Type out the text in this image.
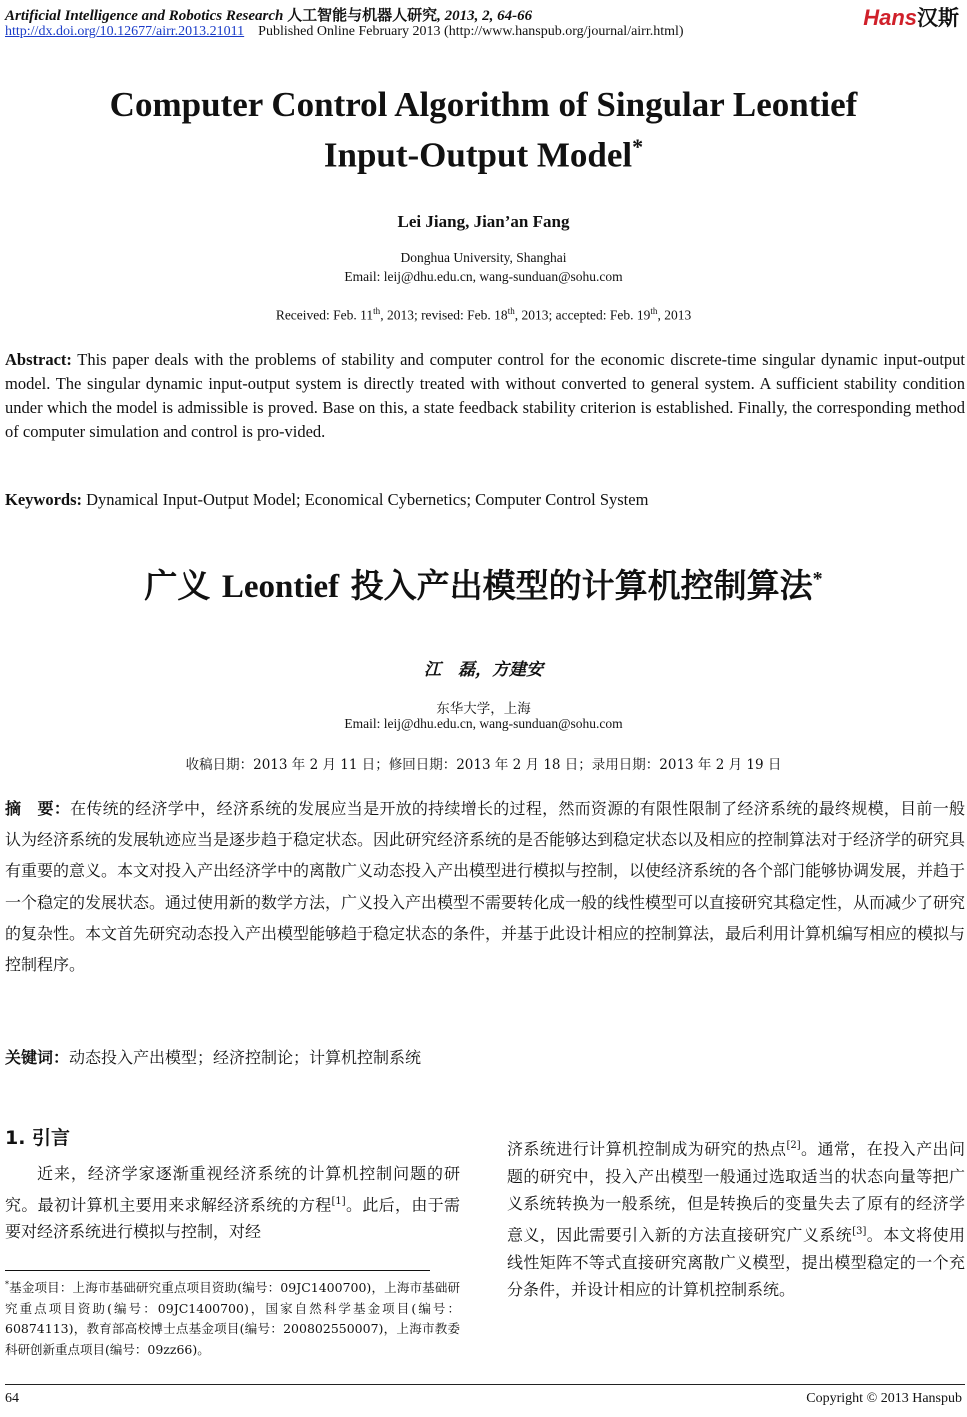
Artificial Intelligence and Robotics Research 人工智能与机器人研究, 2013, 2, 64-66
http://dx.doi.org/10.12677/airr.2013.21011 Published Online February 2013 (http://www.hanspub.org/journal/airr.html)
Hans汉斯
Computer Control Algorithm of Singular Leontief
Input-Output Model*
Lei Jiang, Jian’an Fang
Donghua University, Shanghai
Email: leij@dhu.edu.cn, wang-sunduan@sohu.com
Received: Feb. 11th, 2013; revised: Feb. 18th, 2013; accepted: Feb. 19th, 2013
Abstract: This paper deals with the problems of stability and computer control for the economic discrete-time singular dynamic input-output model. The singular dynamic input-output system is directly treated with without converted to general system. A sufficient stability condition under which the model is admissible is proved. Base on this, a state feedback stability criterion is established. Finally, the corresponding method of computer simulation and control is pro-vided.
Keywords: Dynamical Input-Output Model; Economical Cybernetics; Computer Control System
广义 Leontief 投入产出模型的计算机控制算法*
江　磊，方建安
东华大学，上海
Email: leij@dhu.edu.cn, wang-sunduan@sohu.com
收稿日期：2013 年 2 月 11 日；修回日期：2013 年 2 月 18 日；录用日期：2013 年 2 月 19 日
摘　要：在传统的经济学中，经济系统的发展应当是开放的持续增长的过程，然而资源的有限性限制了经济系统的最终规模，目前一般认为经济系统的发展轨迹应当是逐步趋于稳定状态。因此研究经济系统的是否能够达到稳定状态以及相应的控制算法对于经济学的研究具有重要的意义。本文对投入产出经济学中的离散广义动态投入产出模型进行模拟与控制，以使经济系统的各个部门能够协调发展，并趋于一个稳定的发展状态。通过使用新的数学方法，广义投入产出模型不需要转化成一般的线性模型可以直接研究其稳定性，从而减少了研究的复杂性。本文首先研究动态投入产出模型能够趋于稳定状态的条件，并基于此设计相应的控制算法，最后利用计算机编写相应的模拟与控制程序。
关键词：动态投入产出模型；经济控制论；计算机控制系统
1. 引言
近来，经济学家逐渐重视经济系统的计算机控制问题的研究。最初计算机主要用来求解经济系统的方程[1]。此后，由于需要对经济系统进行模拟与控制，对经
*基金项目：上海市基础研究重点项目资助(编号：09JC1400700)，上海市基础研究重点项目资助(编号：09JC1400700)，国家自然科学基金项目(编号：60874113)，教育部高校博士点基金项目(编号：200802550007)，上海市教委科研创新重点项目(编号：09zz66)。
济系统进行计算机控制成为研究的热点[2]。通常，在投入产出问题的研究中，投入产出模型一般通过选取适当的状态向量等把广义系统转换为一般系统，但是转换后的变量失去了原有的经济学意义，因此需要引入新的方法直接研究广义系统[3]。本文将使用线性矩阵不等式直接研究离散广义模型，提出模型稳定的一个充分条件，并设计相应的计算机控制系统。
64	Copyright © 2013 Hanspub
